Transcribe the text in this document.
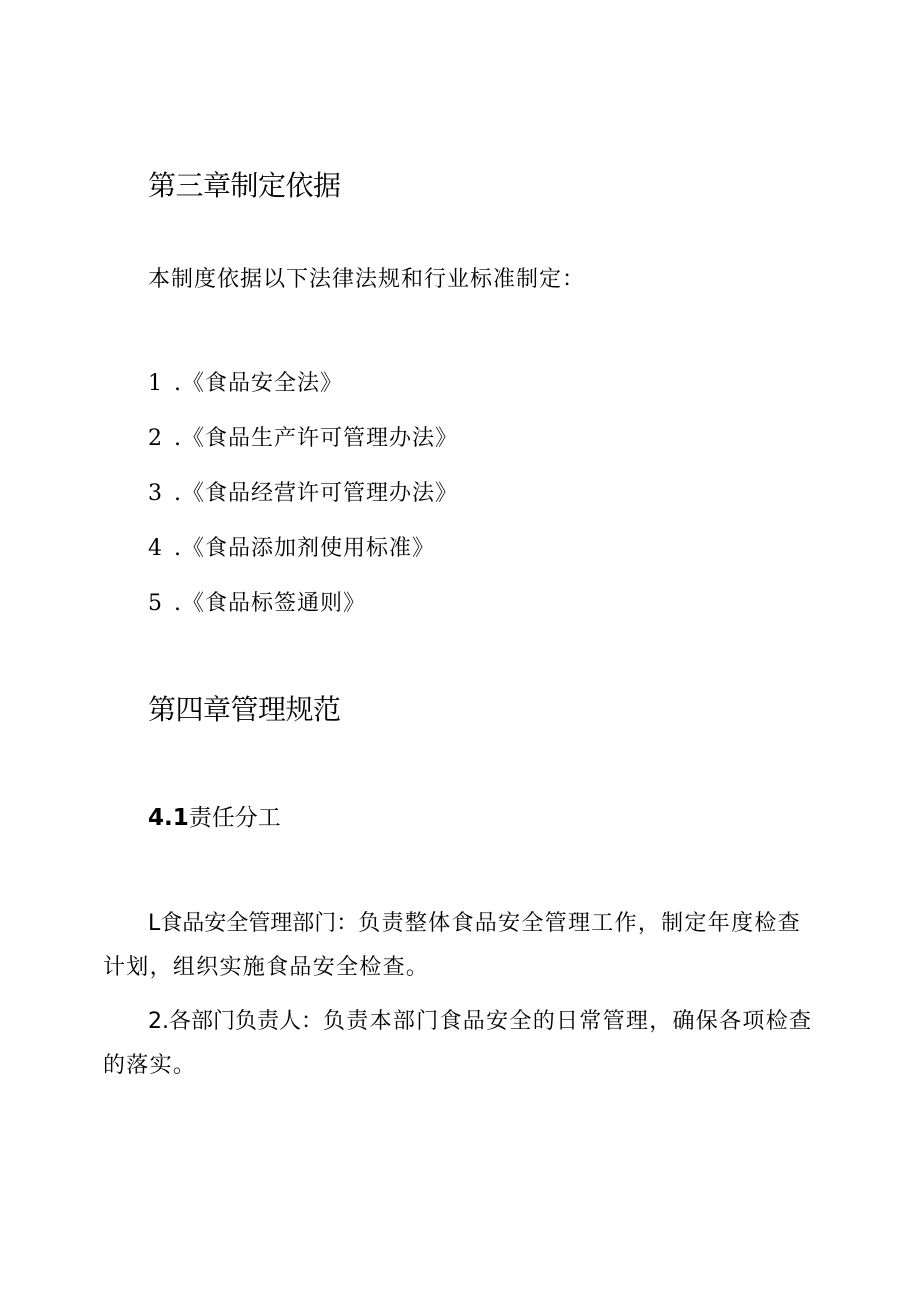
第三章制定依据
本制度依据以下法律法规和行业标准制定：
1 .《食品安全法》
2 .《食品生产许可管理办法》
3 .《食品经营许可管理办法》
4 .《食品添加剂使用标准》
5 .《食品标签通则》
第四章管理规范
4.1责任分工

L食品安全管理部门：负责整体食品安全管理工作，制定年度检查计划，组织实施食品安全检查。

2.各部门负责人：负责本部门食品安全的日常管理，确保各项检查的落实。
